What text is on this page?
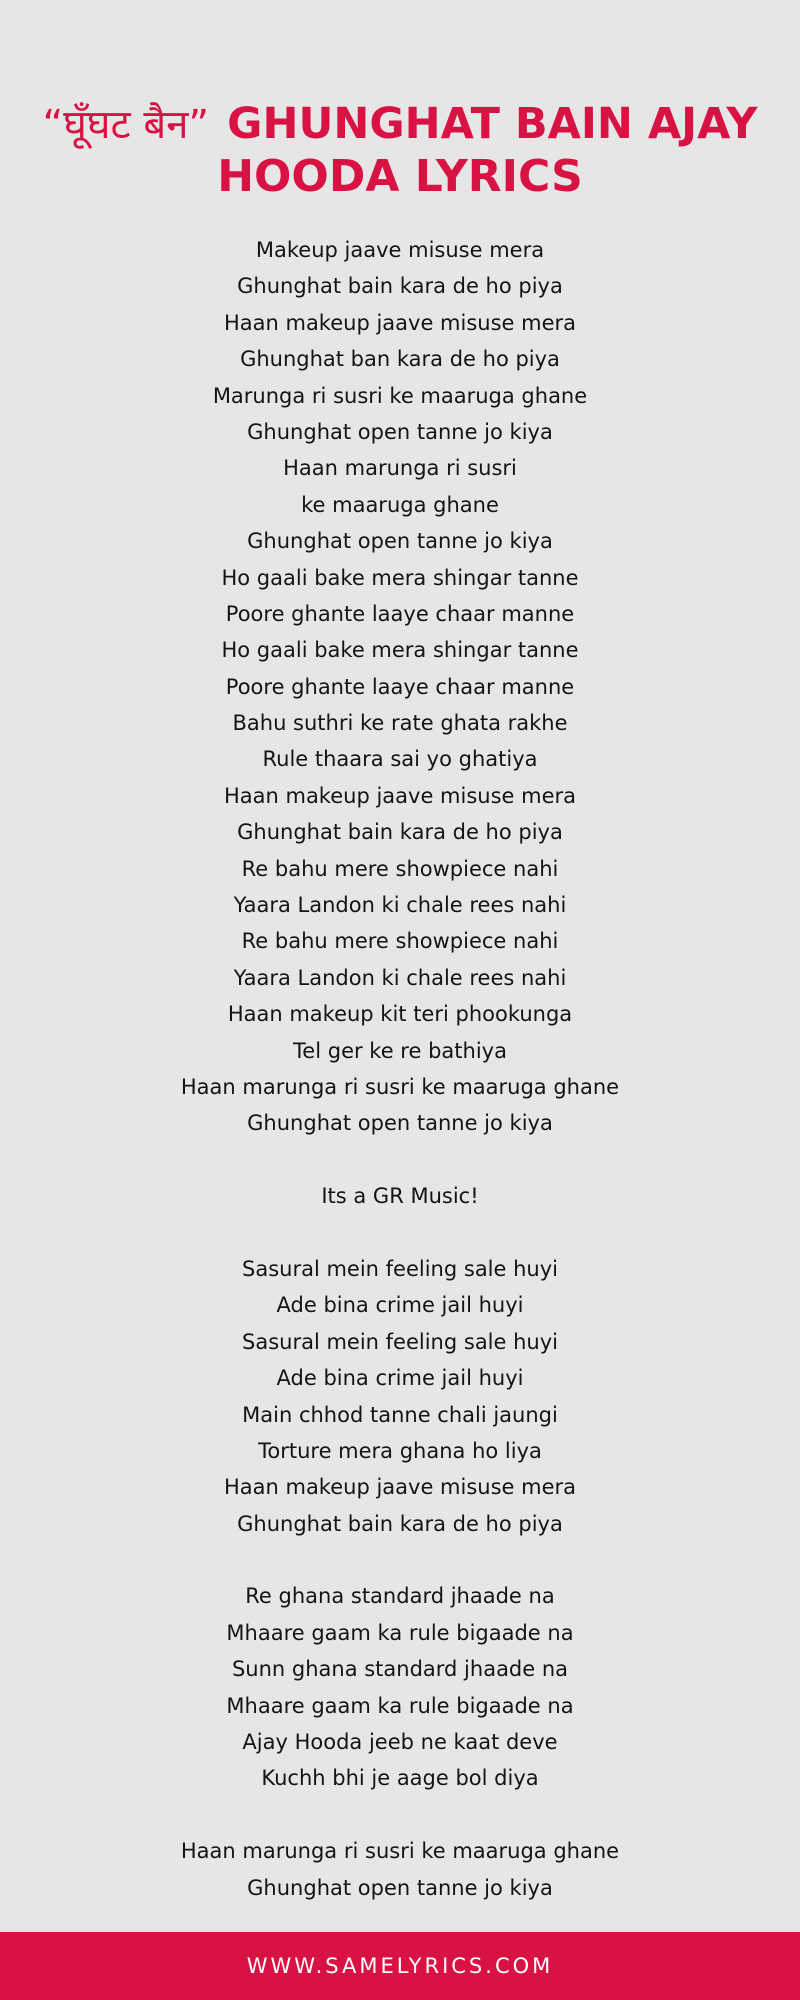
“घूँघट बैन” GHUNGHAT BAIN AJAY
HOODA LYRICS
Makeup jaave misuse mera
Ghunghat bain kara de ho piya
Haan makeup jaave misuse mera
Ghunghat ban kara de ho piya
Marunga ri susri ke maaruga ghane
Ghunghat open tanne jo kiya
Haan marunga ri susri
ke maaruga ghane
Ghunghat open tanne jo kiya
Ho gaali bake mera shingar tanne
Poore ghante laaye chaar manne
Ho gaali bake mera shingar tanne
Poore ghante laaye chaar manne
Bahu suthri ke rate ghata rakhe
Rule thaara sai yo ghatiya
Haan makeup jaave misuse mera
Ghunghat bain kara de ho piya
Re bahu mere showpiece nahi
Yaara Landon ki chale rees nahi
Re bahu mere showpiece nahi
Yaara Landon ki chale rees nahi
Haan makeup kit teri phookunga
Tel ger ke re bathiya
Haan marunga ri susri ke maaruga ghane
Ghunghat open tanne jo kiya

Its a GR Music!

Sasural mein feeling sale huyi
Ade bina crime jail huyi
Sasural mein feeling sale huyi
Ade bina crime jail huyi
Main chhod tanne chali jaungi
Torture mera ghana ho liya
Haan makeup jaave misuse mera
Ghunghat bain kara de ho piya

Re ghana standard jhaade na
Mhaare gaam ka rule bigaade na
Sunn ghana standard jhaade na
Mhaare gaam ka rule bigaade na
Ajay Hooda jeeb ne kaat deve
Kuchh bhi je aage bol diya

Haan marunga ri susri ke maaruga ghane
Ghunghat open tanne jo kiya
WWW.SAMELYRICS.COM
